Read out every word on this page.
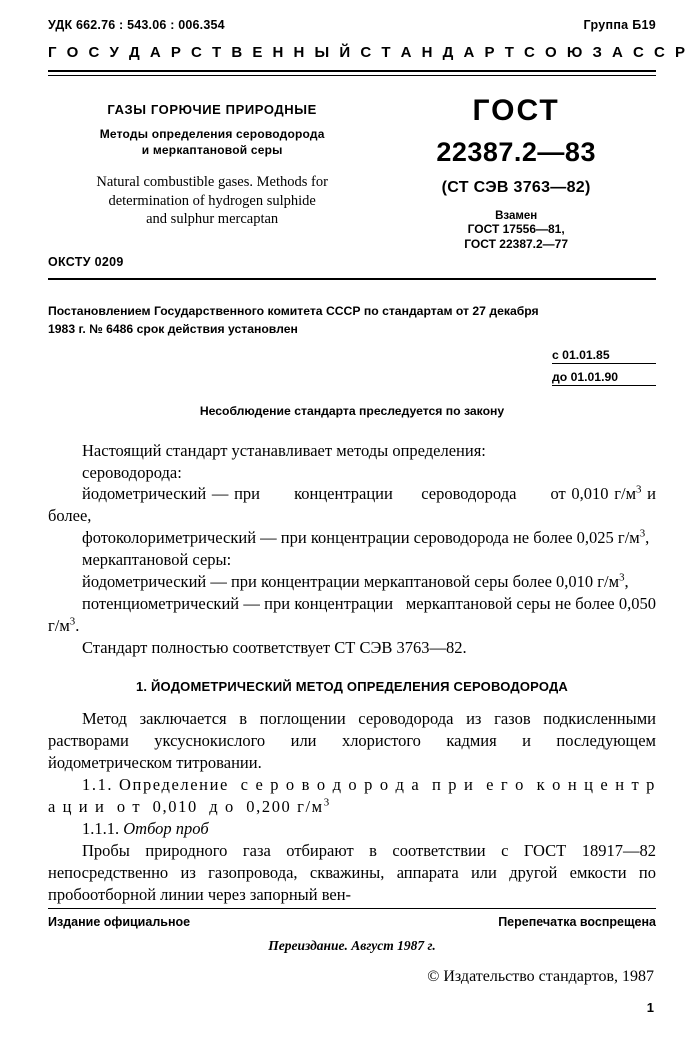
УДК 662.76 : 543.06 : 006.354	Группа Б19
Г О С У Д А Р С Т В Е Н Н Ы Й С Т А Н Д А Р Т С О Ю З А С С Р
ГАЗЫ ГОРЮЧИЕ ПРИРОДНЫЕ
Методы определения сероводорода
и меркаптановой серы
Natural combustible gases. Methods for
determination of hydrogen sulphide
and sulphur mercaptan
ОКСТУ 0209
ГОСТ
22387.2—83
(СТ СЭВ 3763—82)
Взамен
ГОСТ 17556—81,
ГОСТ 22387.2—77
Постановлением Государственного комитета СССР по стандартам от 27 декабря
1983 г. № 6486 срок действия установлен
с 01.01.85
до 01.01.90
Несоблюдение стандарта преследуется по закону

Настоящий стандарт устанавливает методы определения:

сероводорода:

йодометрический — при      концентрации     сероводорода      от 0,010 $г/м^3$ и более,

фотоколориметрический — при концентрации сероводорода не более 0,025 $г/м^3$,

меркаптановой серы:

йодометрический — при концентрации меркаптановой серы более 0,010 $г/м^3$,

потенциометрический — при концентрации   меркаптановой серы не более 0,050 $г/м^3$.

Стандарт полностью соответствует СТ СЭВ 3763—82.

1. ЙОДОМЕТРИЧЕСКИЙ МЕТОД ОПРЕДЕЛЕНИЯ СЕРОВОДОРОДА

Метод заключается в поглощении сероводорода из газов подкисленными растворами уксуснокислого или хлористого кадмия и последующем йодометрическом титровании.

1.1. Определение  с е р о в о д о р о д а  п р и  е г о  к о н ц е н т р а ц и и  о т  0,010  д о  0,200 $г/м^3$

1.1.1. Отбор проб

Пробы природного газа отбирают в соответствии с ГОСТ 18917—82 непосредственно из газопровода, скважины, аппарата или другой емкости по пробоотборной линии через запорный вен-

Издание официальное	Перепечатка воспрещена
Переиздание. Август 1987 г.
© Издательство стандартов, 1987
1
